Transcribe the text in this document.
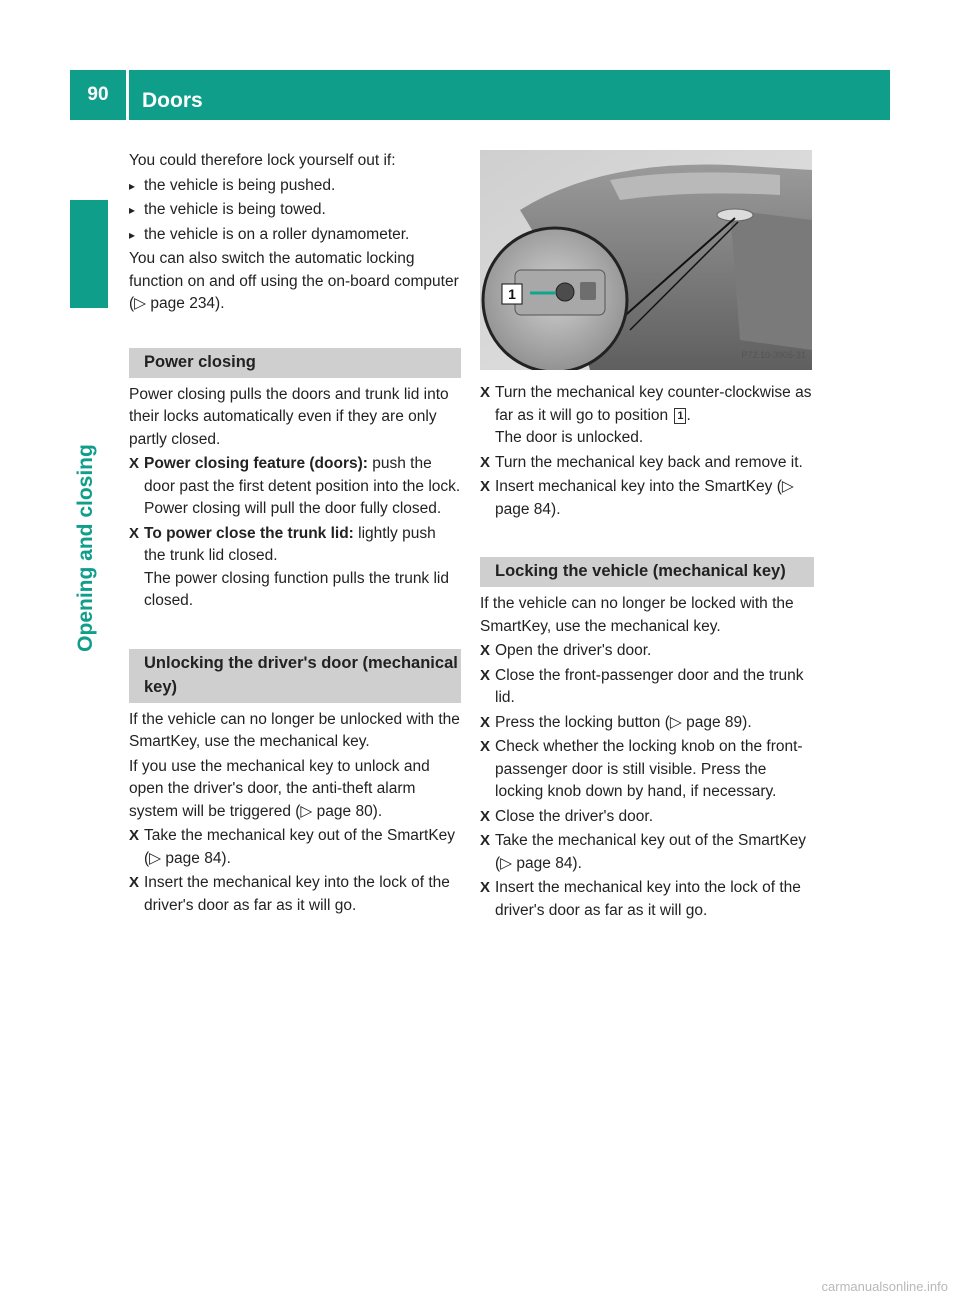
90	Doors
Opening and closing

You could therefore lock yourself out if:

▸ the vehicle is being pushed.
▸ the vehicle is being towed.
▸ the vehicle is on a roller dynamometer.

You can also switch the automatic locking function on and off using the on-board computer (▷ page 234).

Power closing

Power closing pulls the doors and trunk lid into their locks automatically even if they are only partly closed.

X Power closing feature (doors): push the door past the first detent position into the lock.
Power closing will pull the door fully closed.
X To power close the trunk lid: lightly push the trunk lid closed.
The power closing function pulls the trunk lid closed.
Unlocking the driver's door (mechanical key)

If the vehicle can no longer be unlocked with the SmartKey, use the mechanical key.

If you use the mechanical key to unlock and open the driver's door, the anti-theft alarm system will be triggered (▷ page 80).

X Take the mechanical key out of the SmartKey (▷ page 84).
X Insert the mechanical key into the lock of the driver's door as far as it will go.
1
P72.10-3905-31
X Turn the mechanical key counter-clockwise as far as it will go to position 1 .
The door is unlocked.
X Turn the mechanical key back and remove it.
X Insert mechanical key into the SmartKey (▷ page 84).
Locking the vehicle (mechanical key)

If the vehicle can no longer be locked with the SmartKey, use the mechanical key.

X Open the driver's door.
X Close the front-passenger door and the trunk lid.
X Press the locking button (▷ page 89).
X Check whether the locking knob on the front-passenger door is still visible. Press the locking knob down by hand, if necessary.
X Close the driver's door.
X Take the mechanical key out of the SmartKey (▷ page 84).
X Insert the mechanical key into the lock of the driver's door as far as it will go.
carmanualsonline.info
